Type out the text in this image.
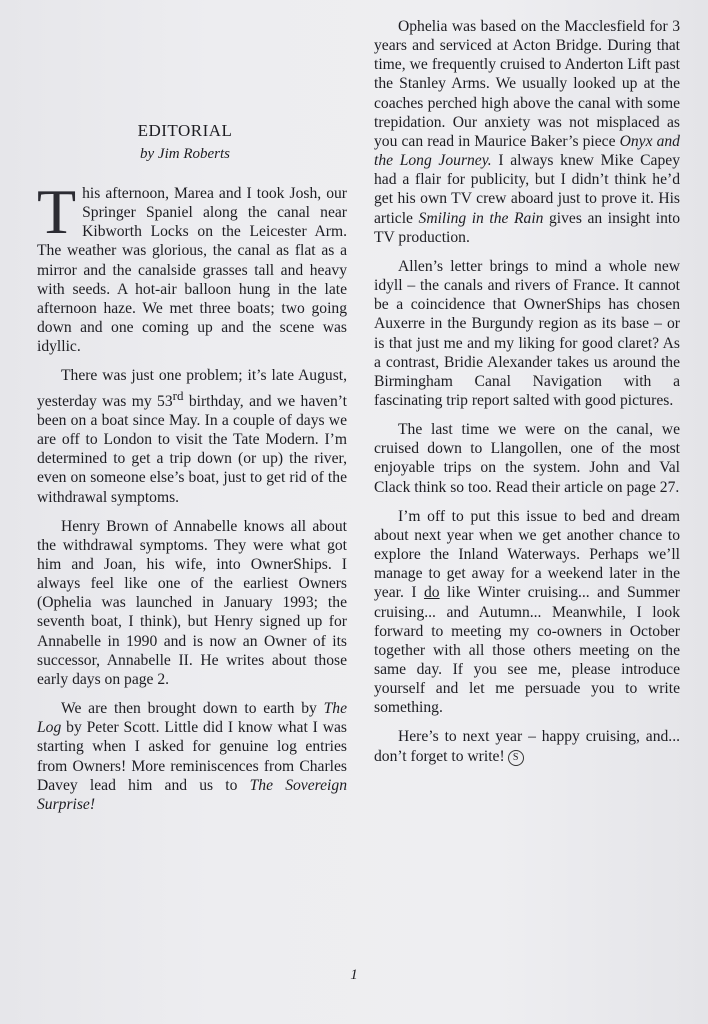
EDITORIAL
by Jim Roberts

This afternoon, Marea and I took Josh, our Springer Spaniel along the canal near Kibworth Locks on the Leicester Arm. The weather was glorious, the canal as flat as a mirror and the canalside grasses tall and heavy with seeds. A hot-air balloon hung in the late afternoon haze. We met three boats; two going down and one coming up and the scene was idyllic.

There was just one problem; it’s late August, yesterday was my 53rd birthday, and we haven’t been on a boat since May. In a couple of days we are off to London to visit the Tate Modern. I’m determined to get a trip down (or up) the river, even on someone else’s boat, just to get rid of the withdrawal symptoms.

Henry Brown of Annabelle knows all about the withdrawal symptoms. They were what got him and Joan, his wife, into OwnerShips. I always feel like one of the earliest Owners (Ophelia was launched in January 1993; the seventh boat, I think), but Henry signed up for Annabelle in 1990 and is now an Owner of its successor, Annabelle II. He writes about those early days on page 2.

We are then brought down to earth by The Log by Peter Scott. Little did I know what I was starting when I asked for genuine log entries from Owners! More reminiscences from Charles Davey lead him and us to The Sovereign Surprise!

Ophelia was based on the Macclesfield for 3 years and serviced at Acton Bridge. During that time, we frequently cruised to Anderton Lift past the Stanley Arms. We usually looked up at the coaches perched high above the canal with some trepidation. Our anxiety was not misplaced as you can read in Maurice Baker’s piece Onyx and the Long Journey. I always knew Mike Capey had a flair for publicity, but I didn’t think he’d get his own TV crew aboard just to prove it. His article Smiling in the Rain gives an insight into TV production.

Allen’s letter brings to mind a whole new idyll – the canals and rivers of France. It cannot be a coincidence that OwnerShips has chosen Auxerre in the Burgundy region as its base – or is that just me and my liking for good claret? As a contrast, Bridie Alexander takes us around the Birmingham Canal Navigation with a fascinating trip report salted with good pictures.

The last time we were on the canal, we cruised down to Llangollen, one of the most enjoyable trips on the system. John and Val Clack think so too. Read their article on page 27.

I’m off to put this issue to bed and dream about next year when we get another chance to explore the Inland Waterways. Perhaps we’ll manage to get away for a weekend later in the year. I do like Winter cruising... and Summer cruising... and Autumn... Meanwhile, I look forward to meeting my co-owners in October together with all those others meeting on the same day. If you see me, please introduce yourself and let me persuade you to write something.

Here’s to next year – happy cruising, and... don’t forget to write! S

1
